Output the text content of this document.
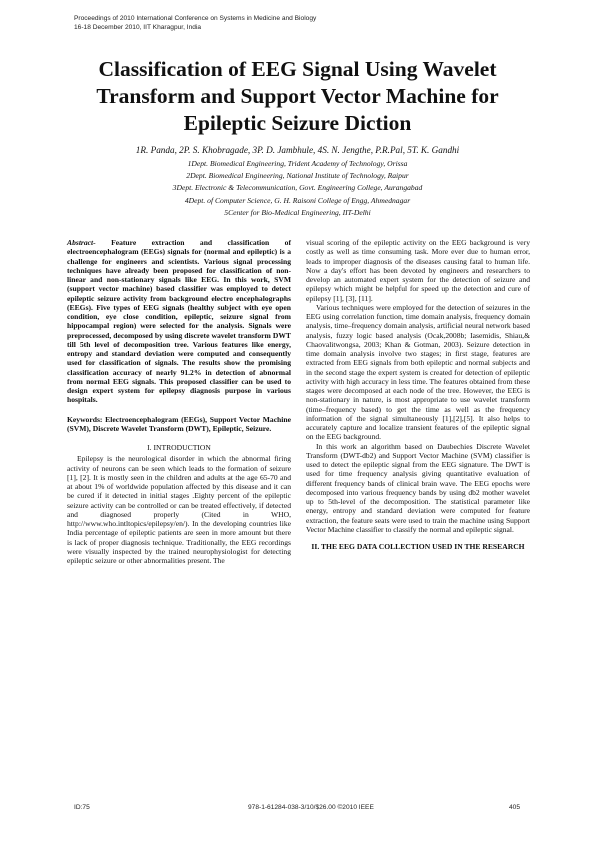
Proceedings of 2010 International Conference on Systems in Medicine and Biology
16-18 December 2010, IIT Kharagpur, India
Classification of EEG Signal Using Wavelet
Transform and Support Vector Machine for
Epileptic Seizure Diction
1R. Panda, 2P. S. Khobragade, 3P. D. Jambhule, 4S. N. Jengthe, P.R.Pal, 5T. K. Gandhi
1Dept. Biomedical Engineering, Trident Academy of Technology, Orissa
2Dept. Biomedical Engineering, National Institute of Technology, Raipur
3Dept. Electronic & Telecommunication, Govt. Engineering College, Aurangabad
4Dept. of Computer Science, G. H. Raisoni College of Engg, Ahmednagar
5Center for Bio-Medical Engineering, IIT-Delhi

Abstract- Feature extraction and classification of electroencephalogram (EEGs) signals for (normal and epileptic) is a challenge for engineers and scientists. Various signal processing techniques have already been proposed for classification of non-linear and non-stationary signals like EEG. In this work, SVM (support vector machine) based classifier was employed to detect epileptic seizure activity from background electro encephalographs (EEGs). Five types of EEG signals (healthy subject with eye open condition, eye close condition, epileptic, seizure signal from hippocampal region) were selected for the analysis. Signals were preprocessed, decomposed by using discrete wavelet transform DWT till 5th level of decomposition tree. Various features like energy, entropy and standard deviation were computed and consequently used for classification of signals. The results show the promising classification accuracy of nearly 91.2% in detection of abnormal from normal EEG signals. This proposed classifier can be used to design expert system for epilepsy diagnosis purpose in various hospitals.

Keywords: Electroencephalogram (EEGs), Support Vector Machine (SVM), Discrete Wavelet Transform (DWT), Epileptic, Seizure.

I. INTRODUCTION

Epilepsy is the neurological disorder in which the abnormal firing activity of neurons can be seen which leads to the formation of seizure [1], [2]. It is mostly seen in the children and adults at the age 65-70 and at about 1% of worldwide population affected by this disease and it can be cured if it detected in initial stages .Eighty percent of the epileptic seizure activity can be controlled or can be treated effectively, if detected and diagnosed properly (Cited in WHO, http://www.who.intltopics/epilepsy/en/). In the developing countries like India percentage of epileptic patients are seen in more amount but there is lack of proper diagnosis technique. Traditionally, the EEG recordings were visually inspected by the trained neurophysiologist for detecting epileptic seizure or other abnormalities present. The

visual scoring of the epileptic activity on the EEG background is very costly as well as time consuming task. More ever due to human error, leads to improper diagnosis of the diseases causing fatal to human life. Now a day's effort has been devoted by engineers and researchers to develop an automated expert system for the detection of seizure and epilepsy which might be helpful for speed up the detection and cure of epilepsy [1], [3], [11].

Various techniques were employed for the detection of seizures in the EEG using correlation function, time domain analysis, frequency domain analysis, time–frequency domain analysis, artificial neural network based analysis, fuzzy logic based analysis (Ocak,2008b; Iasemidis, Shiau,& Chaovalitwongsa, 2003; Khan & Gotman, 2003). Seizure detection in time domain analysis involve two stages; in first stage, features are extracted from EEG signals from both epileptic and normal subjects and in the second stage the expert system is created for detection of epileptic activity with high accuracy in less time. The features obtained from these stages were decomposed at each node of the tree. However, the EEG is non-stationary in nature, is most appropriate to use wavelet transform (time–frequency based) to get the time as well as the frequency information of the signal simultaneously [1],[2],[5]. It also helps to accurately capture and localize transient features of the epileptic signal on the EEG background.

In this work an algorithm based on Daubechies Discrete Wavelet Transform (DWT-db2) and Support Vector Machine (SVM) classifier is used to detect the epileptic signal from the EEG signature. The DWT is used for time frequency analysis giving quantitative evaluation of different frequency bands of clinical brain wave. The EEG epochs were decomposed into various frequency bands by using db2 mother wavelet up to 5th-level of the decomposition. The statistical parameter like energy, entropy and standard deviation were computed for feature extraction, the feature seats were used to train the machine using Support Vector Machine classifier to classify the normal and epileptic signal.

II. THE EEG DATA COLLECTION USED IN THE RESEARCH

ID:75	978-1-61284-038-3/10/$26.00 ©2010 IEEE	405
